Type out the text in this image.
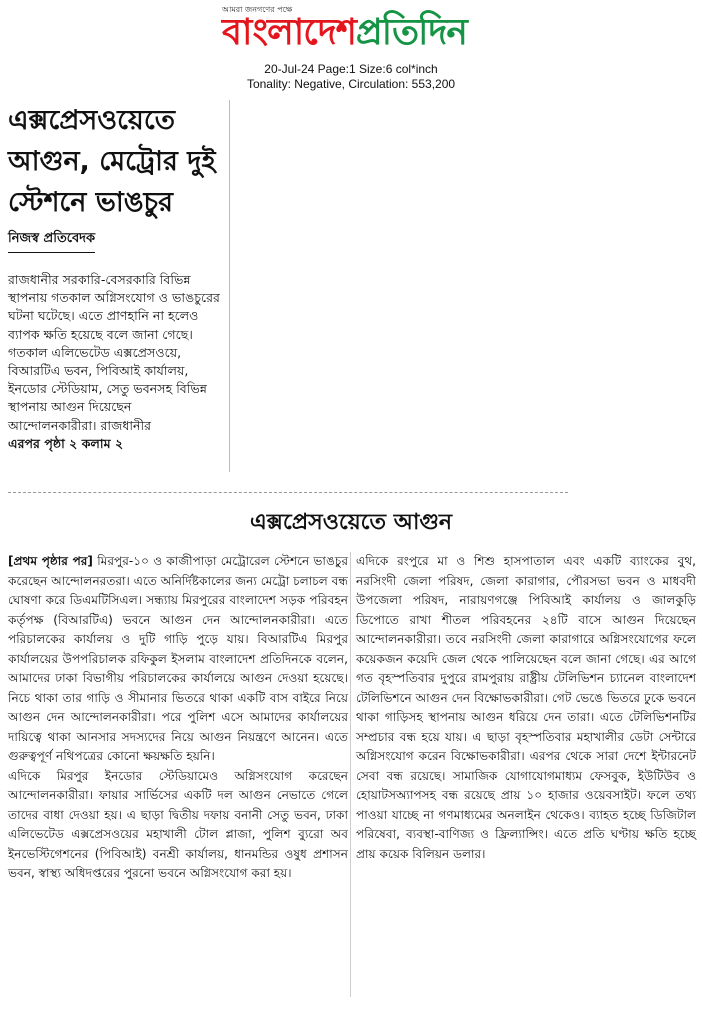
আমরা জনগণের পক্ষে
বাংলাদেশপ্রতিদিন
20-Jul-24 Page:1 Size:6 col*inch
Tonality: Negative, Circulation: 553,200
এক্সপ্রেসওয়েতে
আগুন, মেট্রোর দুই
স্টেশনে ভাঙচুর
নিজস্ব প্রতিবেদক
রাজধানীর সরকারি-বেসরকারি বিভিন্ন স্থাপনায় গতকাল অগ্নিসংযোগ ও ভাঙচুরের ঘটনা ঘটেছে। এতে প্রাণহানি না হলেও ব্যাপক ক্ষতি হয়েছে বলে জানা গেছে। গতকাল এলিভেটেড এক্সপ্রেসওয়ে, বিআরটিএ ভবন, পিবিআই কার্যালয়, ইনডোর স্টেডিয়াম, সেতু ভবনসহ বিভিন্ন স্থাপনায় আগুন দিয়েছেন আন্দোলনকারীরা। রাজধানীর
এরপর পৃষ্ঠা ২ কলাম ২
এক্সপ্রেসওয়েতে আগুন

[প্রথম পৃষ্ঠার পর] মিরপুর-১০ ও কাজীপাড়া মেট্রোরেল স্টেশনে ভাঙচুর করেছেন আন্দোলনরতরা। এতে অনির্দিষ্টকালের জন্য মেট্রো চলাচল বন্ধ ঘোষণা করে ডিএমটিসিএল। সন্ধ্যায় মিরপুরের বাংলাদেশ সড়ক পরিবহন কর্তৃপক্ষ (বিআরটিএ) ভবনে আগুন দেন আন্দোলনকারীরা। এতে পরিচালকের কার্যালয় ও দুটি গাড়ি পুড়ে যায়। বিআরটিএ মিরপুর কার্যালয়ের উপপরিচালক রফিকুল ইসলাম বাংলাদেশ প্রতিদিনকে বলেন, আমাদের ঢাকা বিভাগীয় পরিচালকের কার্যালয়ে আগুন দেওয়া হয়েছে। নিচে থাকা তার গাড়ি ও সীমানার ভিতরে থাকা একটি বাস বাইরে নিয়ে আগুন দেন আন্দোলনকারীরা। পরে পুলিশ এসে আমাদের কার্যালয়ের দায়িত্বে থাকা আনসার সদস্যদের নিয়ে আগুন নিয়ন্ত্রণে আনেন। এতে গুরুত্বপূর্ণ নথিপত্রের কোনো ক্ষয়ক্ষতি হয়নি।

এদিকে মিরপুর ইনডোর স্টেডিয়ামেও অগ্নিসংযোগ করেছেন আন্দোলনকারীরা। ফায়ার সার্ভিসের একটি দল আগুন নেভাতে গেলে তাদের বাধা দেওয়া হয়। এ ছাড়া দ্বিতীয় দফায় বনানী সেতু ভবন, ঢাকা এলিভেটেড এক্সপ্রেসওয়ের মহাখালী টোল প্লাজা, পুলিশ ব্যুরো অব ইনভেস্টিগেশনের (পিবিআই) বনশ্রী কার্যালয়, ধানমন্ডির ওষুধ প্রশাসন ভবন, স্বাস্থ্য অধিদপ্তরের পুরনো ভবনে অগ্নিসংযোগ করা হয়।

এদিকে রংপুরে মা ও শিশু হাসপাতাল এবং একটি ব্যাংকের বুথ, নরসিংদী জেলা পরিষদ, জেলা কারাগার, পৌরসভা ভবন ও মাধবদী উপজেলা পরিষদ, নারায়ণগঞ্জে পিবিআই কার্যালয় ও জালকুড়ি ডিপোতে রাখা শীতল পরিবহনের ২৪টি বাসে আগুন দিয়েছেন আন্দোলনকারীরা। তবে নরসিংদী জেলা কারাগারে অগ্নিসংযোগের ফলে কয়েকজন কয়েদি জেল থেকে পালিয়েছেন বলে জানা গেছে। এর আগে গত বৃহস্পতিবার দুপুরে রামপুরায় রাষ্ট্রীয় টেলিভিশন চ্যানেল বাংলাদেশ টেলিভিশনে আগুন দেন বিক্ষোভকারীরা। গেট ভেঙে ভিতরে ঢুকে ভবনে থাকা গাড়িসহ স্থাপনায় আগুন ধরিয়ে দেন তারা। এতে টেলিভিশনটির সম্প্রচার বন্ধ হয়ে যায়। এ ছাড়া বৃহস্পতিবার মহাখালীর ডেটা সেন্টারে অগ্নিসংযোগ করেন বিক্ষোভকারীরা। এরপর থেকে সারা দেশে ইন্টারনেট সেবা বন্ধ রয়েছে। সামাজিক যোগাযোগমাধ্যম ফেসবুক, ইউটিউব ও হোয়াটসঅ্যাপসহ বন্ধ রয়েছে প্রায় ১০ হাজার ওয়েবসাইট। ফলে তথ্য পাওয়া যাচ্ছে না গণমাধ্যমের অনলাইন থেকেও। ব্যাহত হচ্ছে ডিজিটাল পরিষেবা, ব্যবস্থা-বাণিজ্য ও ফ্রিল্যান্সিং। এতে প্রতি ঘণ্টায় ক্ষতি হচ্ছে প্রায় কয়েক বিলিয়ন ডলার।
